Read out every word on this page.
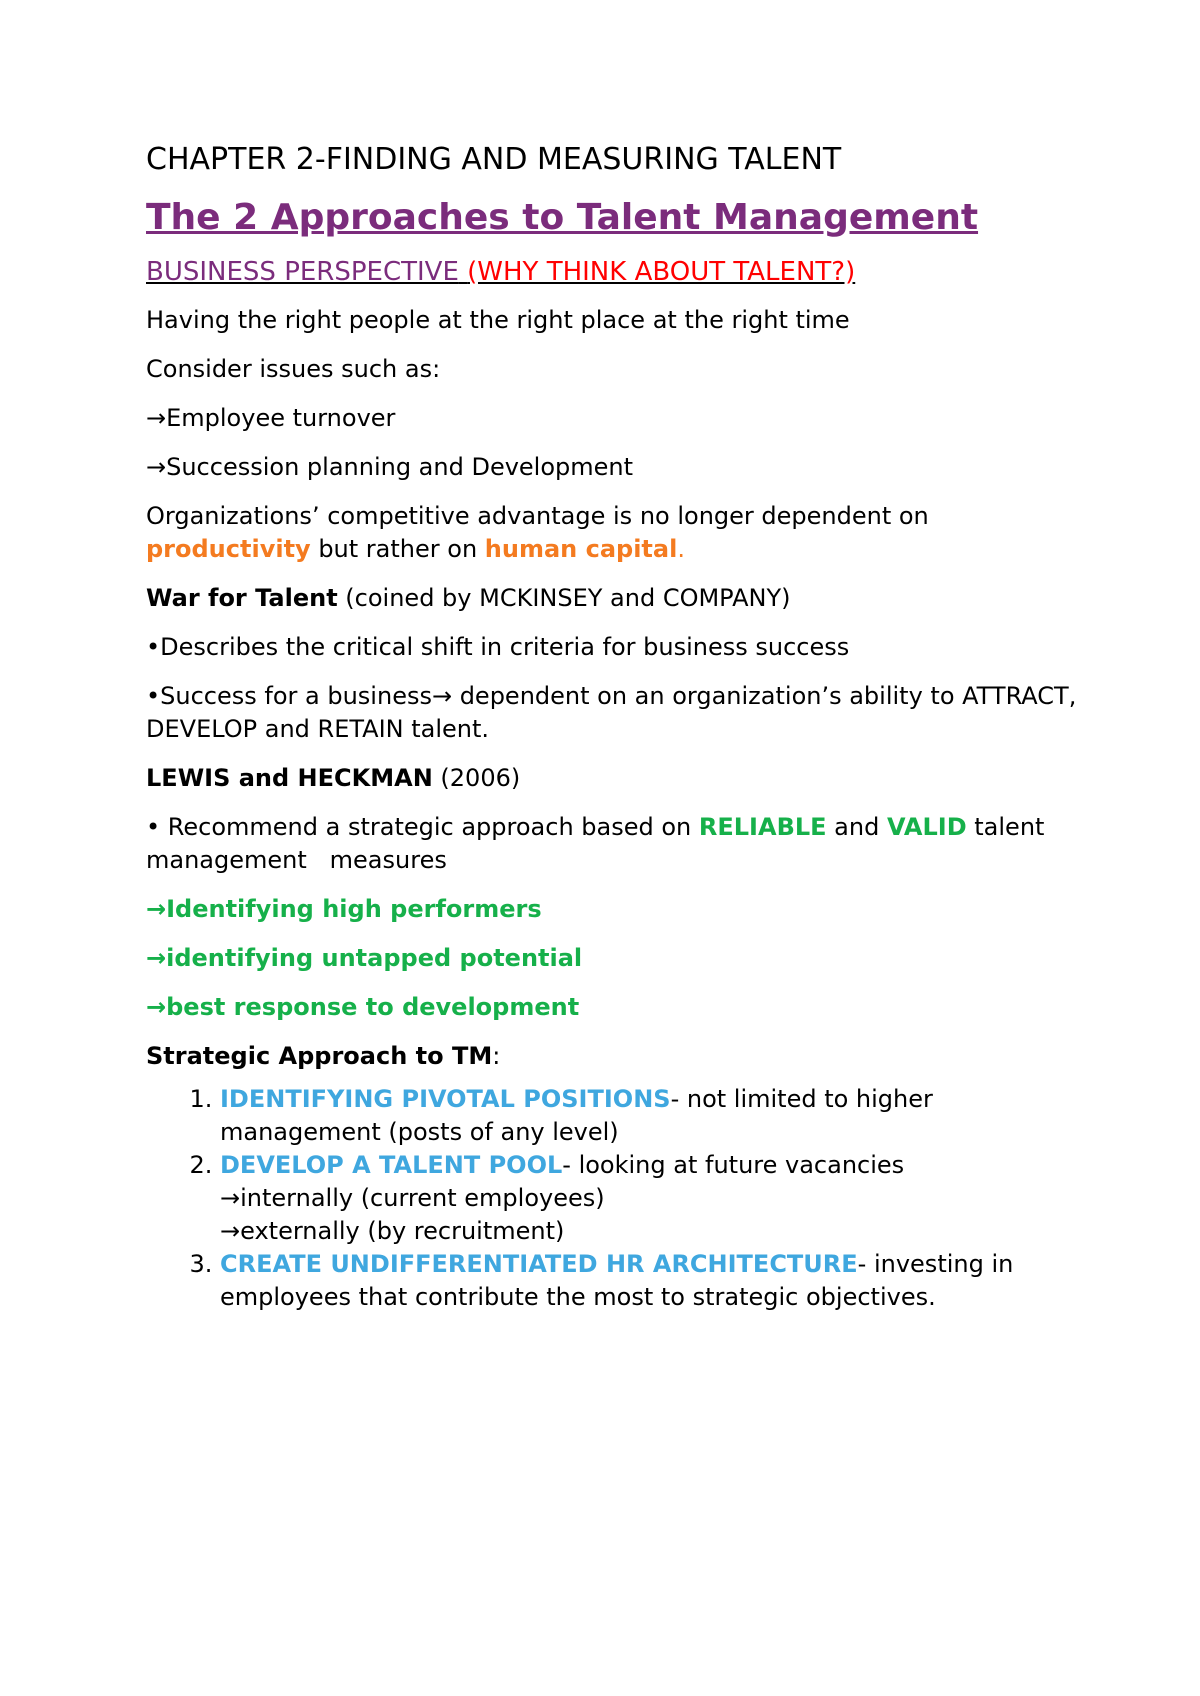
CHAPTER 2-FINDING AND MEASURING TALENT
The 2 Approaches to Talent Management
BUSINESS PERSPECTIVE (WHY THINK ABOUT TALENT?)

Having the right people at the right place at the right time

Consider issues such as:

→Employee turnover

→Succession planning and Development

Organizations’ competitive advantage is no longer dependent on
productivity but rather on human capital.

War for Talent (coined by MCKINSEY and COMPANY)

•Describes the critical shift in criteria for business success

•Success for a business→ dependent on an organization’s ability to ATTRACT, DEVELOP and RETAIN talent.

LEWIS and HECKMAN (2006)

• Recommend a strategic approach based on RELIABLE and VALID talent management   measures

→Identifying high performers

→identifying untapped potential

→best response to development

Strategic Approach to TM:

1. IDENTIFYING PIVOTAL POSITIONS- not limited to higher management (posts of any level)
2. DEVELOP A TALENT POOL- looking at future vacancies
→internally (current employees)
→externally (by recruitment)
3. CREATE UNDIFFERENTIATED HR ARCHITECTURE- investing in employees that contribute the most to strategic objectives.
